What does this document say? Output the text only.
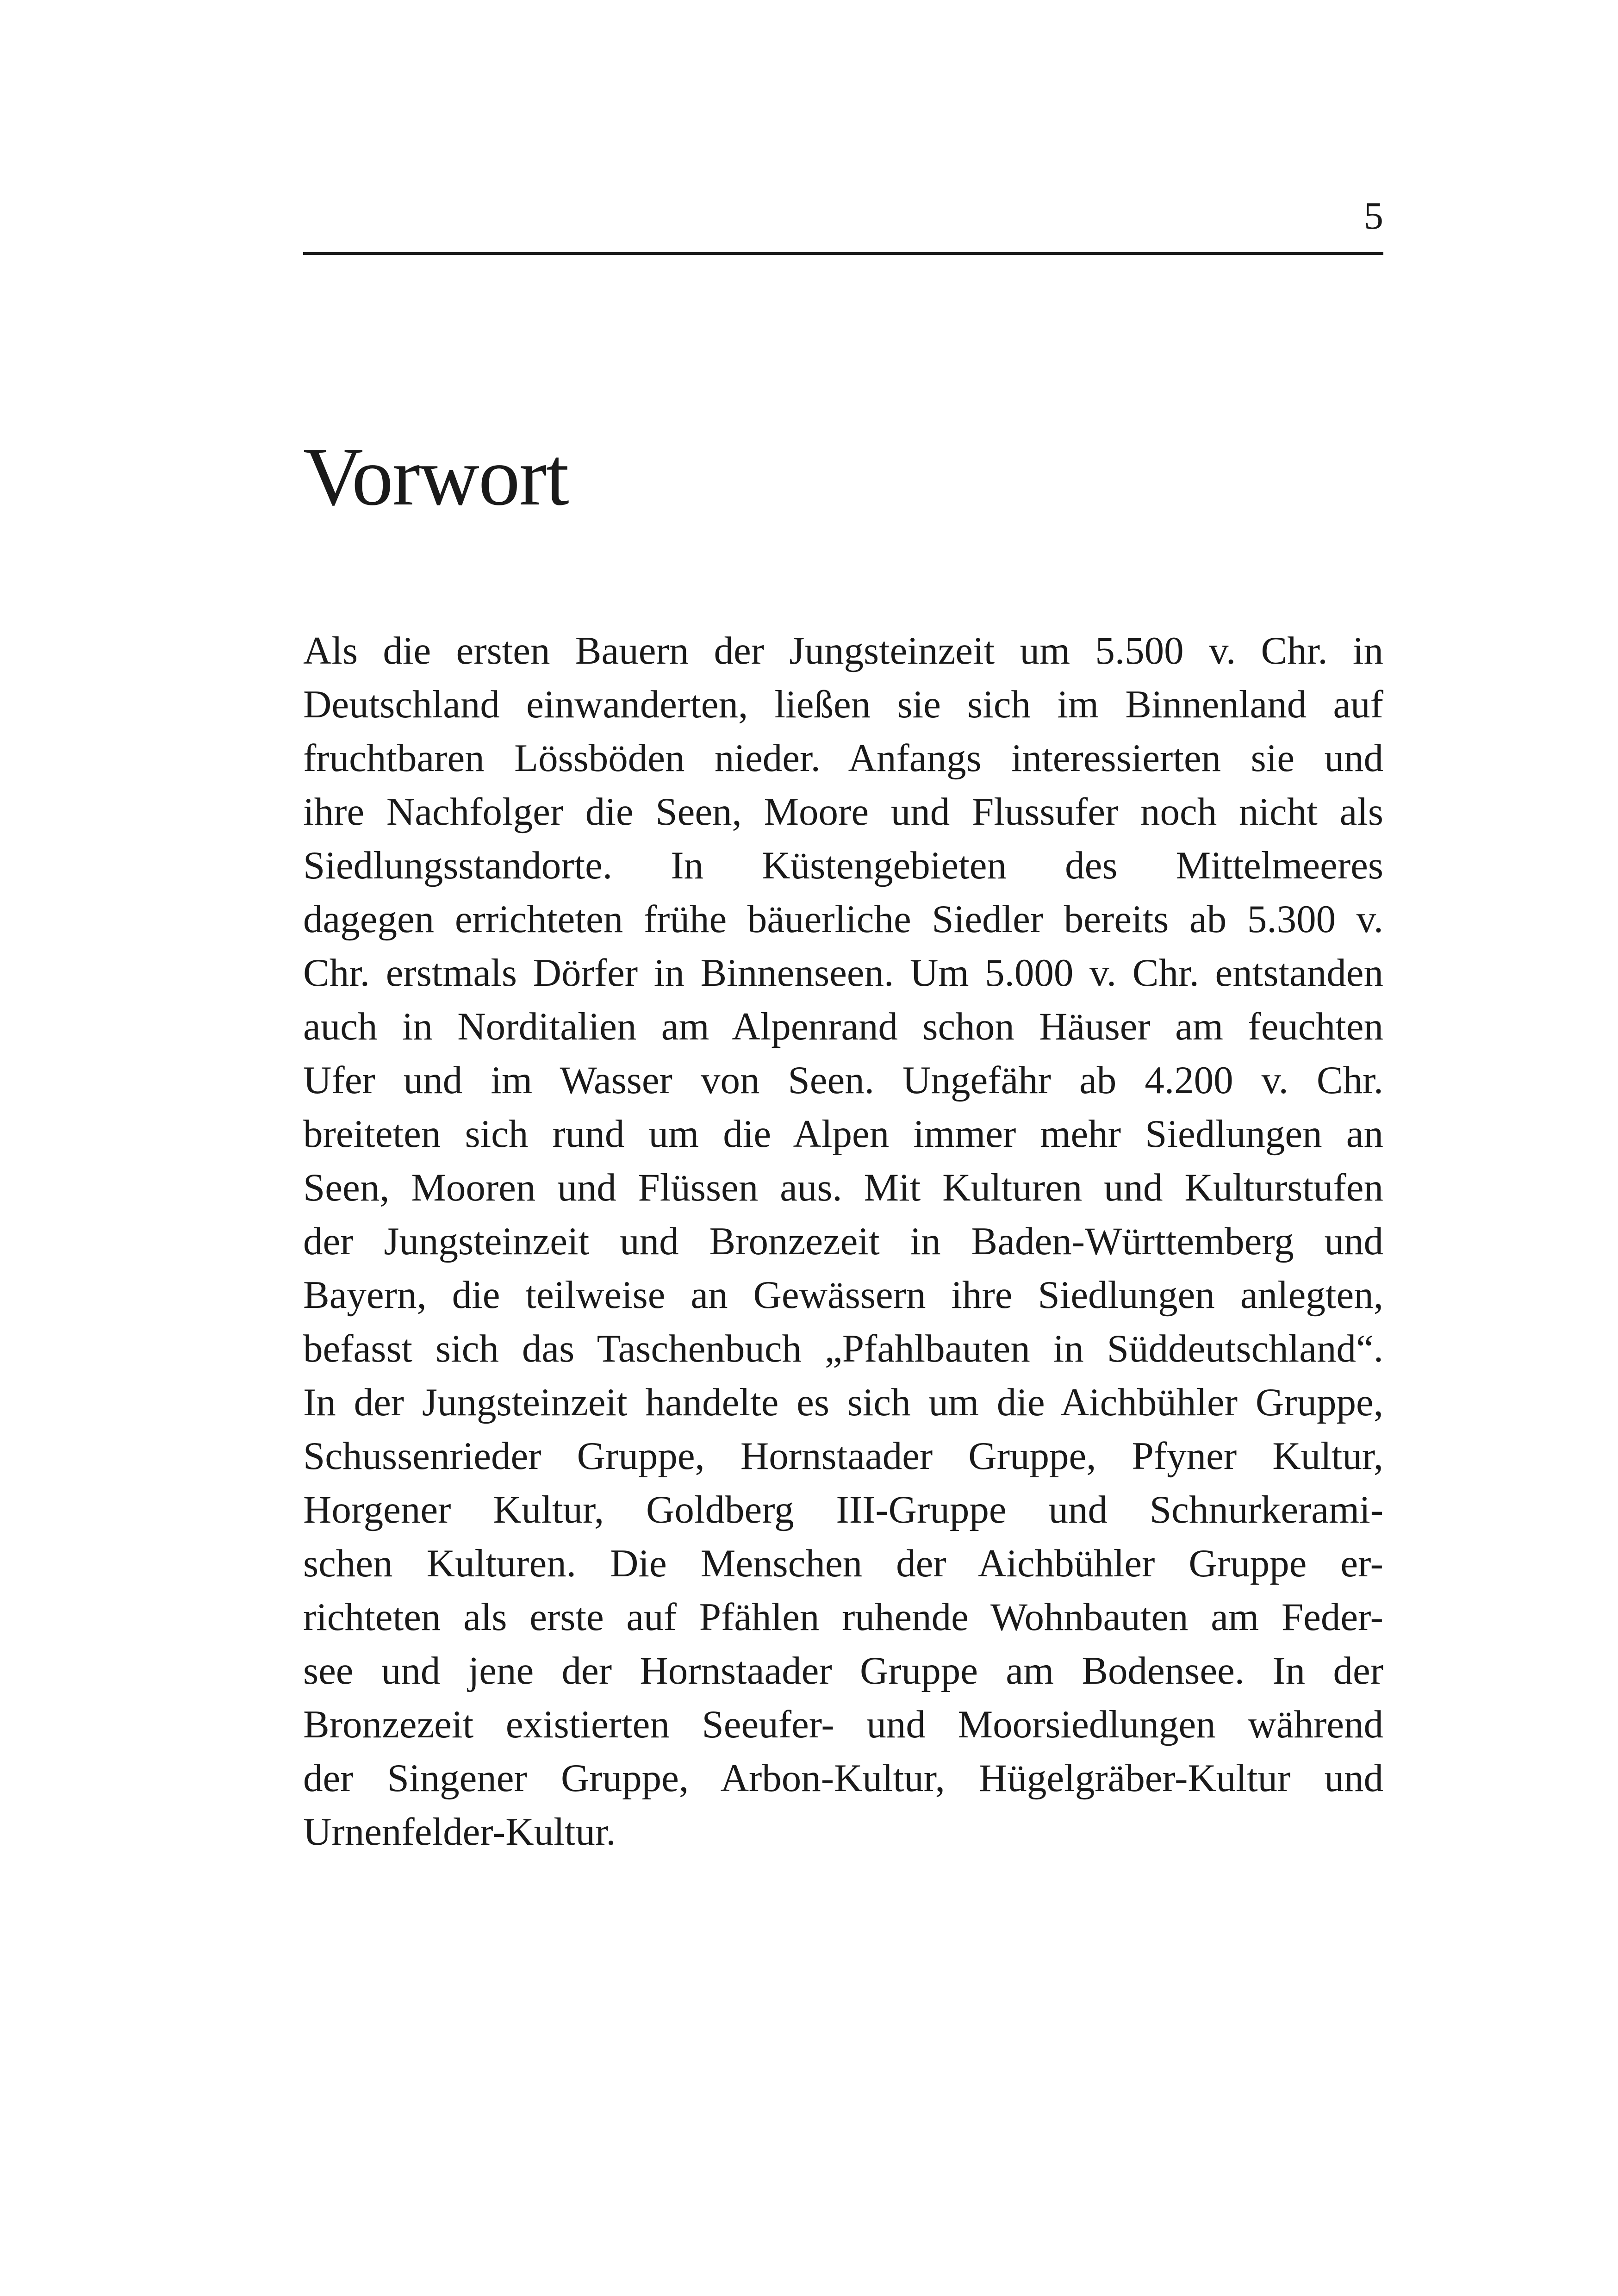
5
Vorwort
Als die ersten Bauern der Jungsteinzeit um 5.500 v. Chr. in
Deutschland einwanderten, ließen sie sich im Binnenland auf
fruchtbaren Lössböden nieder. Anfangs interessierten sie und
ihre Nachfolger die Seen, Moore und Flussufer noch nicht als
Siedlungsstandorte. In Küstengebieten des Mittelmeeres
dagegen errichteten frühe bäuerliche Siedler bereits ab 5.300 v.
Chr. erstmals Dörfer in Binnenseen. Um 5.000 v. Chr. entstanden
auch in Norditalien am Alpenrand schon Häuser am feuchten
Ufer und im Wasser von Seen. Ungefähr ab 4.200 v. Chr.
breiteten sich rund um die Alpen immer mehr Siedlungen an
Seen, Mooren und Flüssen aus. Mit Kulturen und Kulturstufen
der Jungsteinzeit und Bronzezeit in Baden-Württemberg und
Bayern, die teilweise an Gewässern ihre Siedlungen anlegten,
befasst sich das Taschenbuch „Pfahlbauten in Süddeutschland“.
In der Jungsteinzeit handelte es sich um die Aichbühler Gruppe,
Schussenrieder Gruppe, Hornstaader Gruppe, Pfyner Kultur,
Horgener Kultur, Goldberg III-Gruppe und Schnurkerami-
schen Kulturen. Die Menschen der Aichbühler Gruppe er-
richteten als erste auf Pfählen ruhende Wohnbauten am Feder-
see und jene der Hornstaader Gruppe am Bodensee. In der
Bronzezeit existierten Seeufer- und Moorsiedlungen während
der Singener Gruppe, Arbon-Kultur, Hügelgräber-Kultur und
Urnenfelder-Kultur.
